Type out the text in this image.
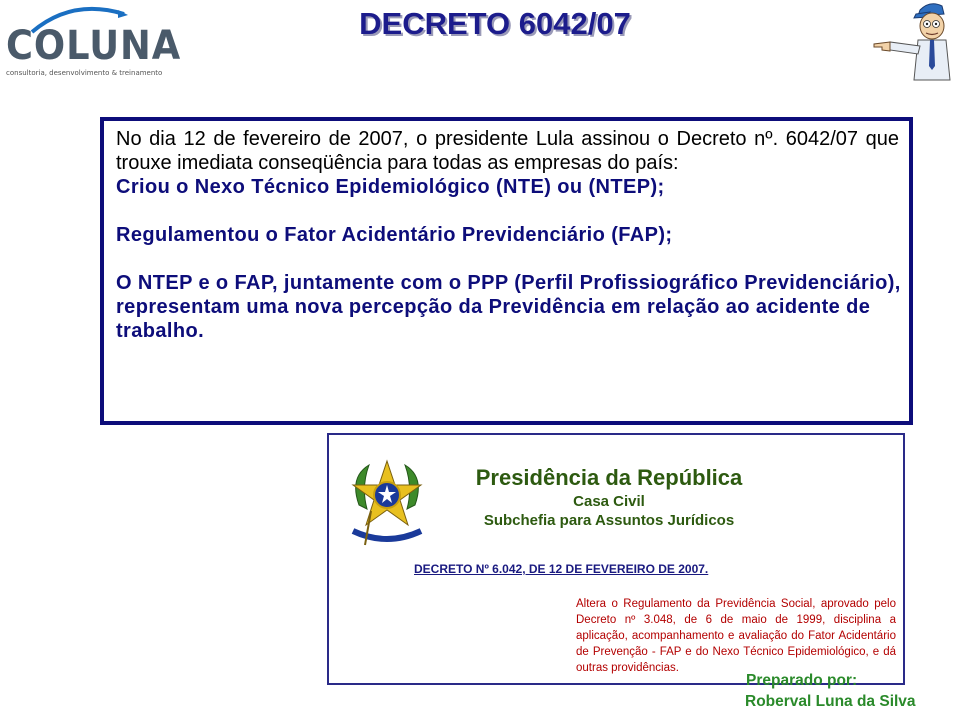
COLUNA
consultoria, desenvolvimento & treinamento
DECRETO 6042/07

No dia 12 de fevereiro de 2007, o presidente Lula assinou o Decreto nº. 6042/07 que trouxe imediata conseqüência para todas as empresas do país:

Criou o Nexo Técnico Epidemiológico (NTE) ou (NTEP);

Regulamentou o Fator Acidentário Previdenciário (FAP);

O NTEP e o FAP, juntamente com o PPP (Perfil Profissiográfico Previdenciário), representam uma nova percepção da Previdência em relação ao acidente de trabalho.

Presidência da República
Casa Civil
Subchefia para Assuntos Jurídicos
DECRETO Nº 6.042, DE 12 DE FEVEREIRO DE 2007.
Altera o Regulamento da Previdência Social, aprovado pelo Decreto nº 3.048, de 6 de maio de 1999, disciplina a aplicação, acompanhamento e avaliação do Fator Acidentário de Prevenção - FAP e do Nexo Técnico Epidemiológico, e dá outras providências.
Preparado por:
Roberval Luna da Silva
